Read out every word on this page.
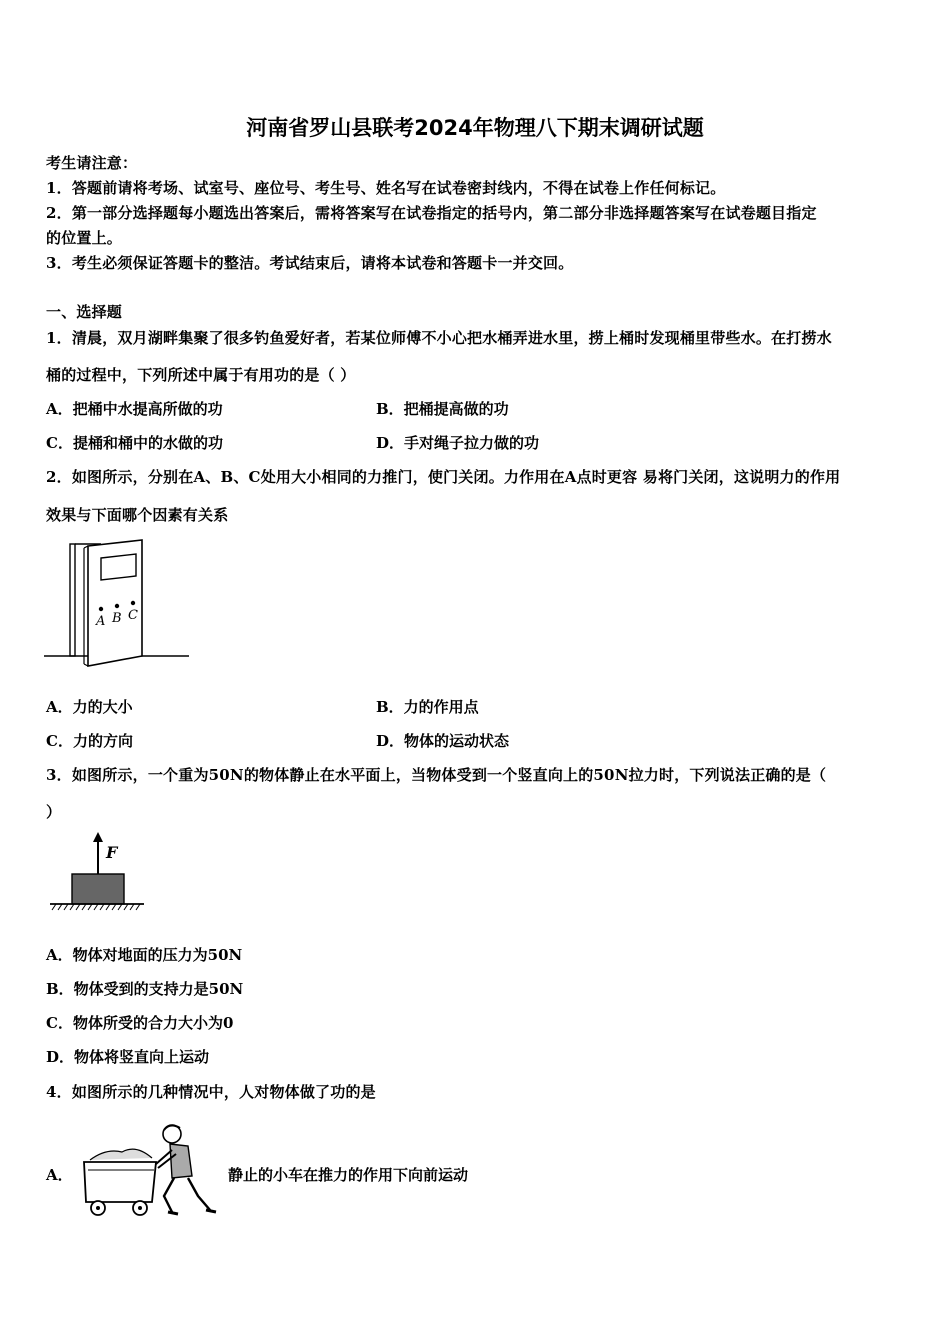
河南省罗山县联考2024年物理八下期末调研试题
考生请注意：
1．答题前请将考场、试室号、座位号、考生号、姓名写在试卷密封线内，不得在试卷上作任何标记。
2．第一部分选择题每小题选出答案后，需将答案写在试卷指定的括号内，第二部分非选择题答案写在试卷题目指定
的位置上。
3．考生必须保证答题卡的整洁。考试结束后，请将本试卷和答题卡一并交回。
一、选择题
1．清晨，双月湖畔集聚了很多钓鱼爱好者，若某位师傅不小心把水桶弄进水里，捞上桶时发现桶里带些水。在打捞水
桶的过程中，下列所述中属于有用功的是（ ）
A．把桶中水提高所做的功	B．把桶提高做的功
C．提桶和桶中的水做的功	D．手对绳子拉力做的功
2．如图所示，分别在A、B、C处用大小相同的力推门，使门关闭。力作用在A点时更容 易将门关闭，这说明力的作用
效果与下面哪个因素有关系
A B C
A．力的大小	B．力的作用点
C．力的方向	D．物体的运动状态
3．如图所示，一个重为50N的物体静止在水平面上，当物体受到一个竖直向上的50N拉力时，下列说法正确的是（
）
F
A．物体对地面的压力为50N
B．物体受到的支持力是50N
C．物体所受的合力大小为0
D．物体将竖直向上运动
4．如图所示的几种情况中，人对物体做了功的是
A．	静止的小车在推力的作用下向前运动
